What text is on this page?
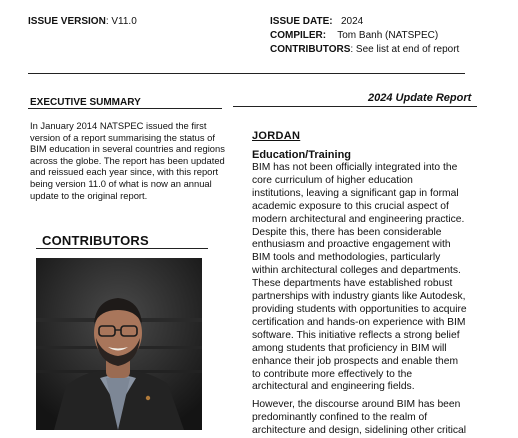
ISSUE VERSION: V11.0	ISSUE DATE: 2024
COMPILER: Tom Banh (NATSPEC)
CONTRIBUTORS: See list at end of report
EXECUTIVE SUMMARY
In January 2014 NATSPEC issued the first
version of a report summarising the status of
BIM education in several countries and regions
across the globe. The report has been updated
and reissued each year since, with this report
being version 11.0 of what is now an annual
update to the original report.
CONTRIBUTORS
2024 Update Report
JORDAN
Education/Training
BIM has not been officially integrated into the
core curriculum of higher education
institutions, leaving a significant gap in formal
academic exposure to this crucial aspect of
modern architectural and engineering practice.
Despite this, there has been considerable
enthusiasm and proactive engagement with
BIM tools and methodologies, particularly
within architectural colleges and departments.
These departments have established robust
partnerships with industry giants like Autodesk,
providing students with opportunities to acquire
certification and hands-on experience with BIM
software. This initiative reflects a strong belief
among students that proficiency in BIM will
enhance their job prospects and enable them
to contribute more effectively to the
architectural and engineering fields.
However, the discourse around BIM has been
predominantly confined to the realm of
architecture and design, sidelining other critical
